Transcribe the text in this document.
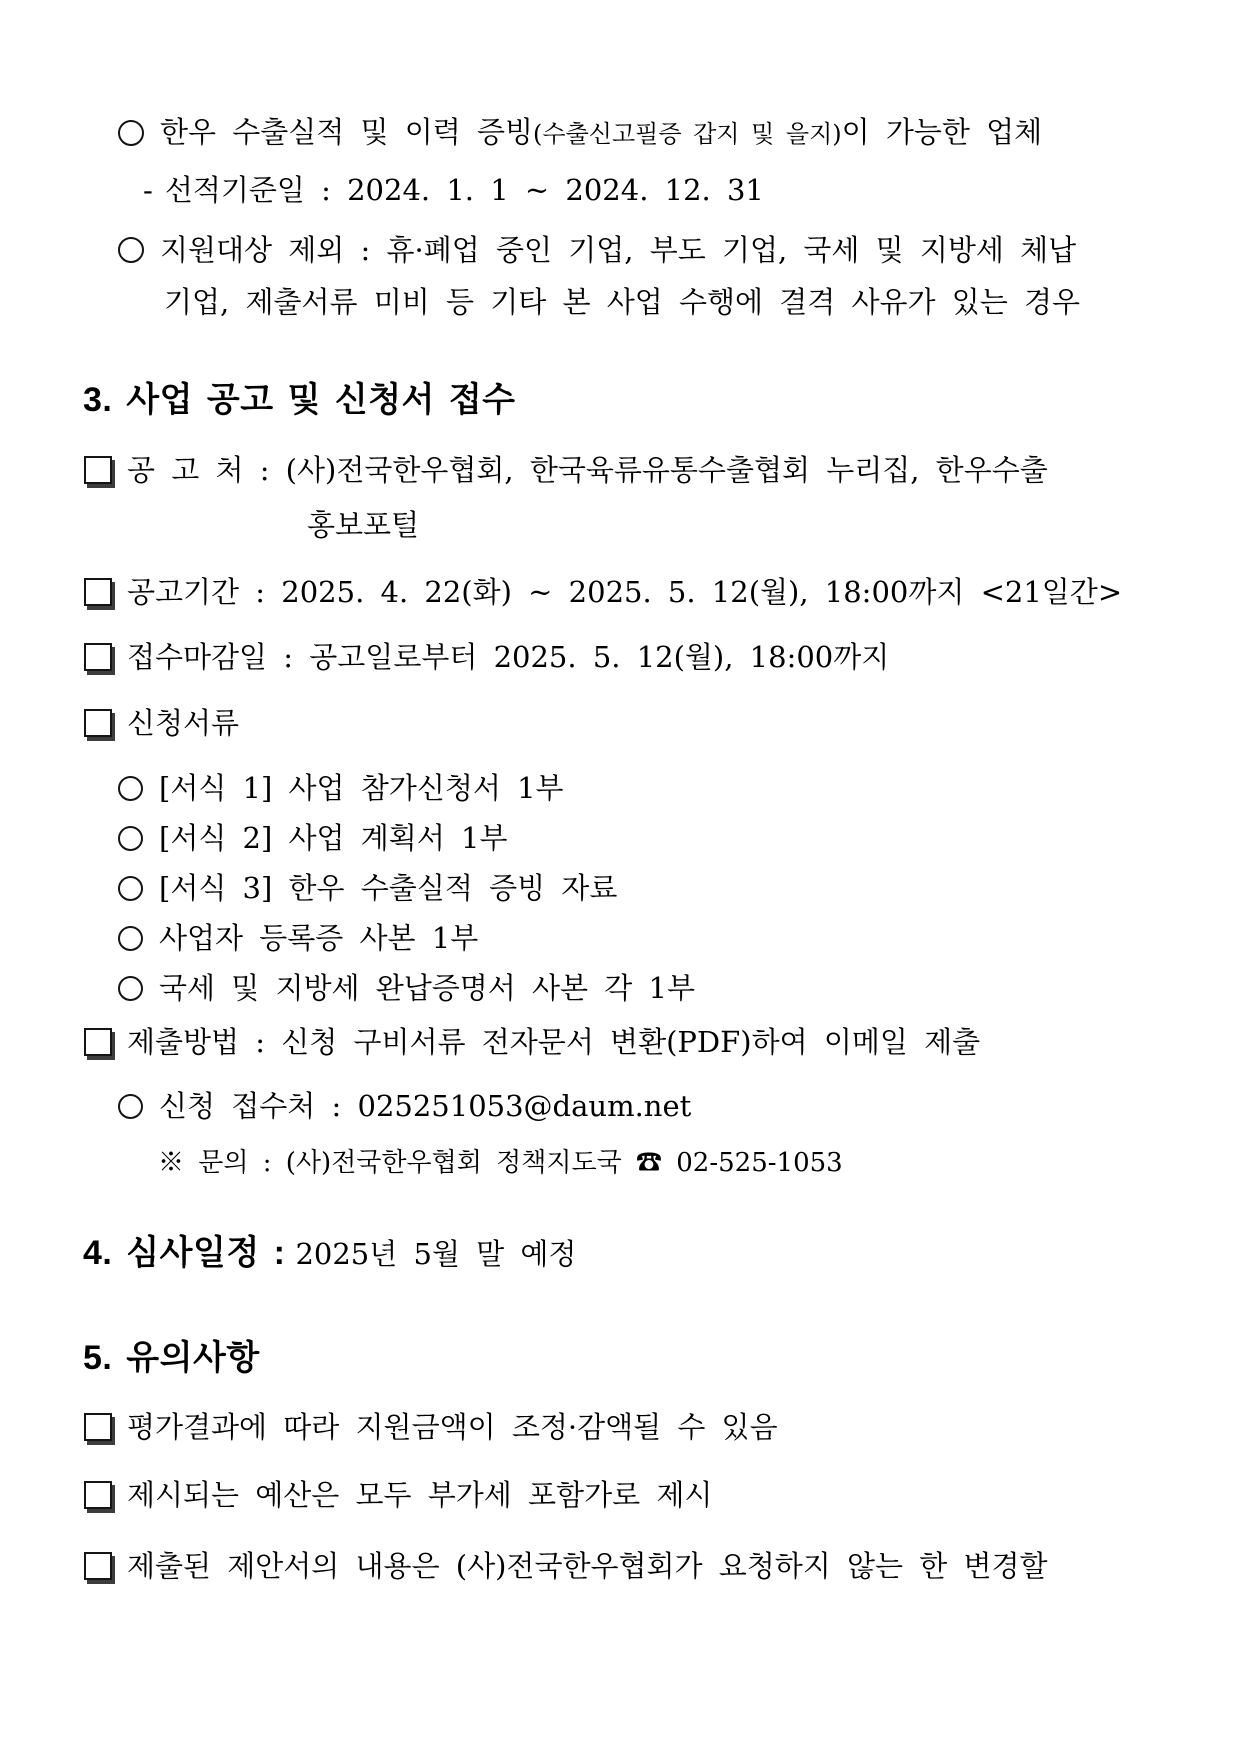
한우 수출실적 및 이력 증빙(수출신고필증 갑지 및 을지)이 가능한 업체
- 선적기준일 : 2024. 1. 1 ~ 2024. 12. 31
지원대상 제외 : 휴·폐업 중인 기업, 부도 기업, 국세 및 지방세 체납
기업, 제출서류 미비 등 기타 본 사업 수행에 결격 사유가 있는 경우
3. 사업 공고 및 신청서 접수
공 고 처 : (사)전국한우협회, 한국육류유통수출협회 누리집, 한우수출
홍보포털
공고기간 : 2025. 4. 22(화) ~ 2025. 5. 12(월), 18:00까지 <21일간>
접수마감일 : 공고일로부터 2025. 5. 12(월), 18:00까지
신청서류
[서식 1] 사업 참가신청서 1부
[서식 2] 사업 계획서 1부
[서식 3] 한우 수출실적 증빙 자료
사업자 등록증 사본 1부
국세 및 지방세 완납증명서 사본 각 1부
제출방법 : 신청 구비서류 전자문서 변환(PDF)하여 이메일 제출
신청 접수처 : 025251053@daum.net
※ 문의 : (사)전국한우협회 정책지도국 ☎ 02-525-1053
4. 심사일정 : 2025년 5월 말 예정
5. 유의사항
평가결과에 따라 지원금액이 조정·감액될 수 있음
제시되는 예산은 모두 부가세 포함가로 제시
제출된 제안서의 내용은 (사)전국한우협회가 요청하지 않는 한 변경할
